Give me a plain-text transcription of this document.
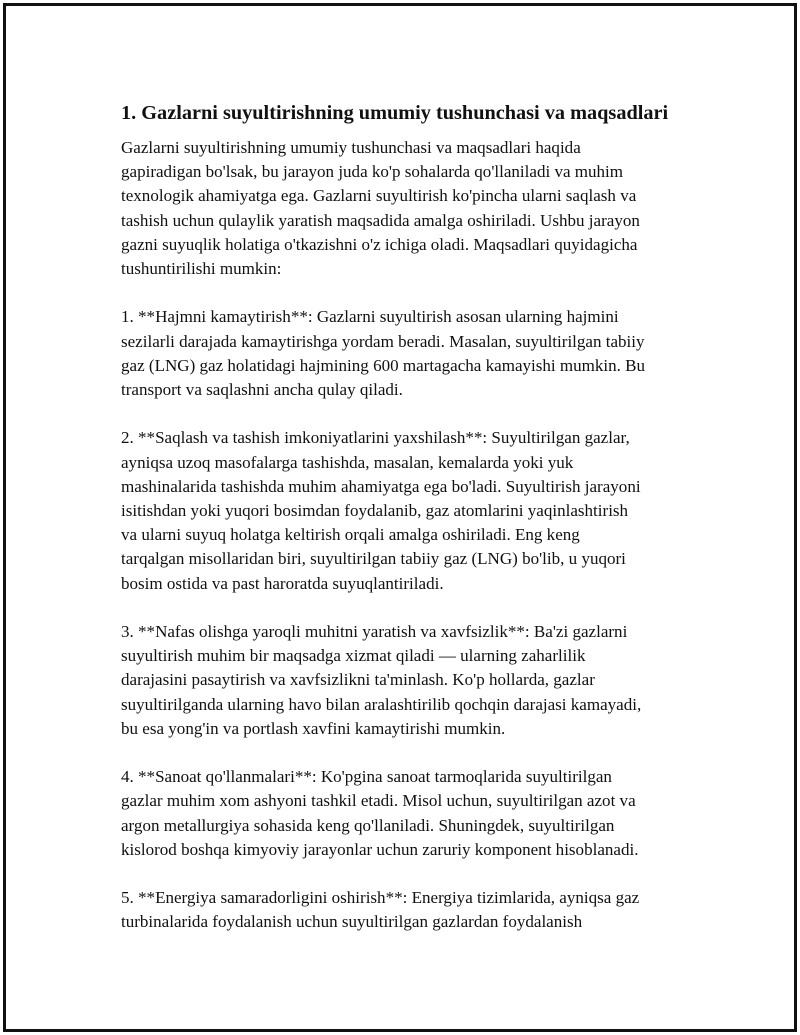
1. Gazlarni suyultirishning umumiy tushunchasi va maqsadlari

Gazlarni suyultirishning umumiy tushunchasi va maqsadlari haqida
gapiradigan bo'lsak, bu jarayon juda ko'p sohalarda qo'llaniladi va muhim
texnologik ahamiyatga ega. Gazlarni suyultirish ko'pincha ularni saqlash va
tashish uchun qulaylik yaratish maqsadida amalga oshiriladi. Ushbu jarayon
gazni suyuqlik holatiga o'tkazishni o'z ichiga oladi. Maqsadlari quyidagicha
tushuntirilishi mumkin:

1. **Hajmni kamaytirish**: Gazlarni suyultirish asosan ularning hajmini
sezilarli darajada kamaytirishga yordam beradi. Masalan, suyultirilgan tabiiy
gaz (LNG) gaz holatidagi hajmining 600 martagacha kamayishi mumkin. Bu
transport va saqlashni ancha qulay qiladi.

2. **Saqlash va tashish imkoniyatlarini yaxshilash**: Suyultirilgan gazlar,
ayniqsa uzoq masofalarga tashishda, masalan, kemalarda yoki yuk
mashinalarida tashishda muhim ahamiyatga ega bo'ladi. Suyultirish jarayoni
isitishdan yoki yuqori bosimdan foydalanib, gaz atomlarini yaqinlashtirish
va ularni suyuq holatga keltirish orqali amalga oshiriladi. Eng keng
tarqalgan misollaridan biri, suyultirilgan tabiiy gaz (LNG) bo'lib, u yuqori
bosim ostida va past haroratda suyuqlantiriladi.

3. **Nafas olishga yaroqli muhitni yaratish va xavfsizlik**: Ba'zi gazlarni
suyultirish muhim bir maqsadga xizmat qiladi — ularning zaharlilik
darajasini pasaytirish va xavfsizlikni ta'minlash. Ko'p hollarda, gazlar
suyultirilganda ularning havo bilan aralashtirilib qochqin darajasi kamayadi,
bu esa yong'in va portlash xavfini kamaytirishi mumkin.

4. **Sanoat qo'llanmalari**: Ko'pgina sanoat tarmoqlarida suyultirilgan
gazlar muhim xom ashyoni tashkil etadi. Misol uchun, suyultirilgan azot va
argon metallurgiya sohasida keng qo'llaniladi. Shuningdek, suyultirilgan
kislorod boshqa kimyoviy jarayonlar uchun zaruriy komponent hisoblanadi.

5. **Energiya samaradorligini oshirish**: Energiya tizimlarida, ayniqsa gaz
turbinalarida foydalanish uchun suyultirilgan gazlardan foydalanish
